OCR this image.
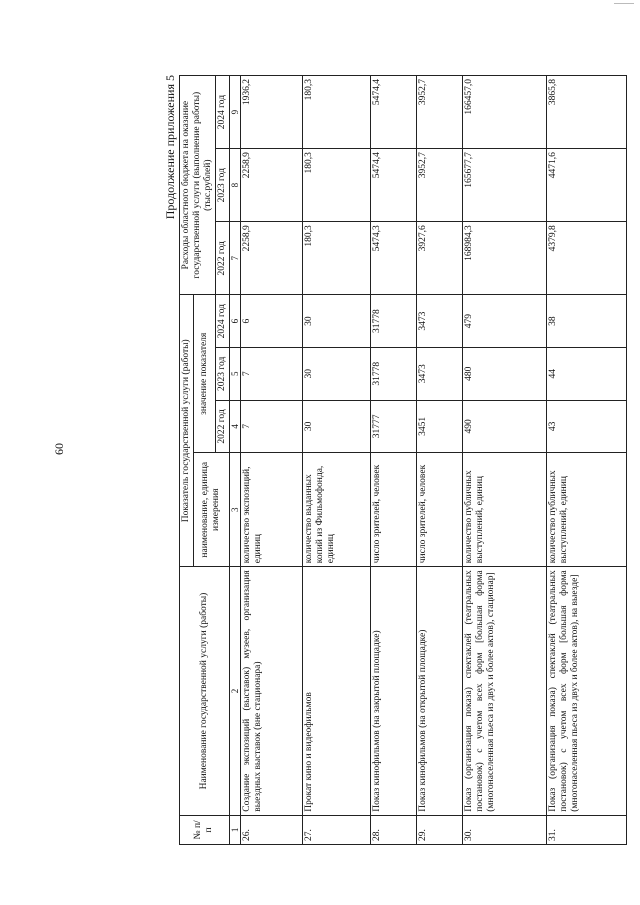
60
Продолжение приложения 5
№ п/п	Наименование государственной услуги (работы)	Показатель государственной услуги (работы)				Расходы областного бюджета на оказание государственной услуги (выполнение работы) (тыс.рублей)		
		наименование, единица измерения	значение показателя					
			2022 год	2023 год	2024 год	2022 год	2023 год	2024 год
1	2	3	4	5	6	7	8	9
26.	Создание экспозиций (выставок) музеев, организация выездных выставок (вне стационара)	количество экспозиций, единиц	7	7	6	2258,9	2258,9	1936,2
27.	Прокат кино и видеофильмов	количество выданных копий из Фильмофонда, единиц	30	30	30	180,3	180,3	180,3
28.	Показ кинофильмов (на закрытой площадке)	число зрителей, человек	31777	31778	31778	5474,3	5474,4	5474,4
29.	Показ кинофильмов (на открытой площадке)	число зрителей, человек	3451	3473	3473	3927,6	3952,7	3952,7
30.	Показ (организация показа) спектаклей (театральных постановок) с учетом всех форм [большая форма (многонаселенная пьеса из двух и более актов), стационар]	количество публичных выступлений, единиц	490	480	479	168984,3	165677,7	166457,0
31.	Показ (организация показа) спектаклей (театральных постановок) с учетом всех форм [большая форма (многонаселенная пьеса из двух и более актов), на выезде]	количество публичных выступлений, единиц	43	44	38	4379,8	4471,6	3865,8
